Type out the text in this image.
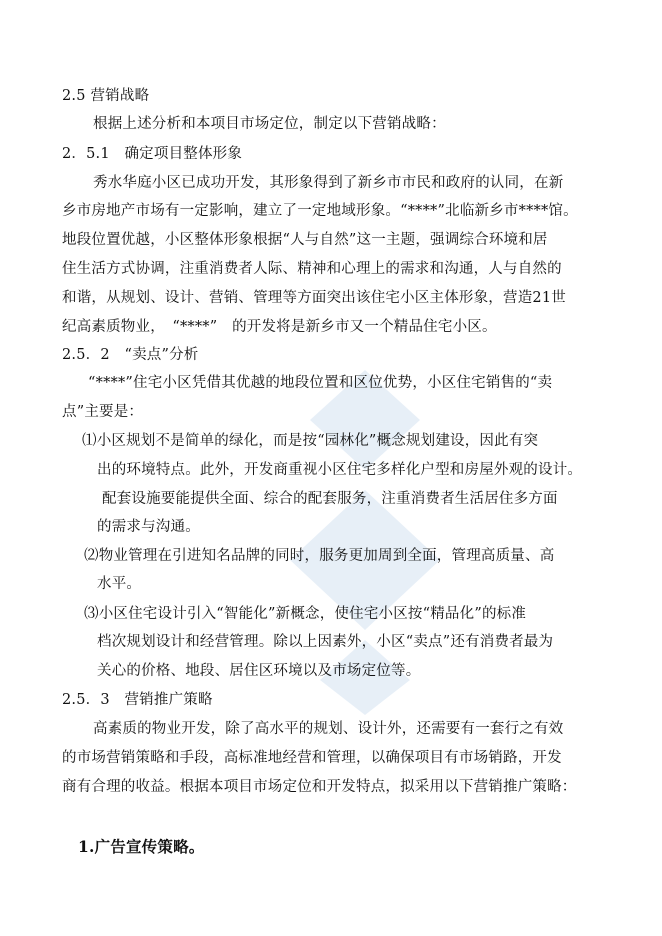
2.5 营销战略
根据上述分析和本项目市场定位，制定以下营销战略：
2．5.1　确定项目整体形象
秀水华庭小区已成功开发，其形象得到了新乡市市民和政府的认同，在新
乡市房地产市场有一定影响，建立了一定地域形象。“****”北临新乡市****馆。
地段位置优越，小区整体形象根据“人与自然”这一主题，强调综合环境和居
住生活方式协调，注重消费者人际、精神和心理上的需求和沟通，人与自然的
和谐，从规划、设计、营销、管理等方面突出该住宅小区主体形象，营造21世
纪高素质物业，　“****”　的开发将是新乡市又一个精品住宅小区。
2.5．2　“卖点”分析
“****”住宅小区凭借其优越的地段位置和区位优势，小区住宅销售的“卖
点”主要是：
⑴小区规划不是简单的绿化，而是按“园林化”概念规划建设，因此有突
出的环境特点。此外，开发商重视小区住宅多样化户型和房屋外观的设计。
配套设施要能提供全面、综合的配套服务，注重消费者生活居住多方面
的需求与沟通。
⑵物业管理在引进知名品牌的同时，服务更加周到全面，管理高质量、高
水平。
⑶小区住宅设计引入“智能化”新概念，使住宅小区按“精品化”的标准
档次规划设计和经营管理。除以上因素外，小区“卖点”还有消费者最为
关心的价格、地段、居住区环境以及市场定位等。
2.5．3　营销推广策略
高素质的物业开发，除了高水平的规划、设计外，还需要有一套行之有效
的市场营销策略和手段，高标准地经营和管理，以确保项目有市场销路，开发
商有合理的收益。根据本项目市场定位和开发特点，拟采用以下营销推广策略：
1.广告宣传策略。
